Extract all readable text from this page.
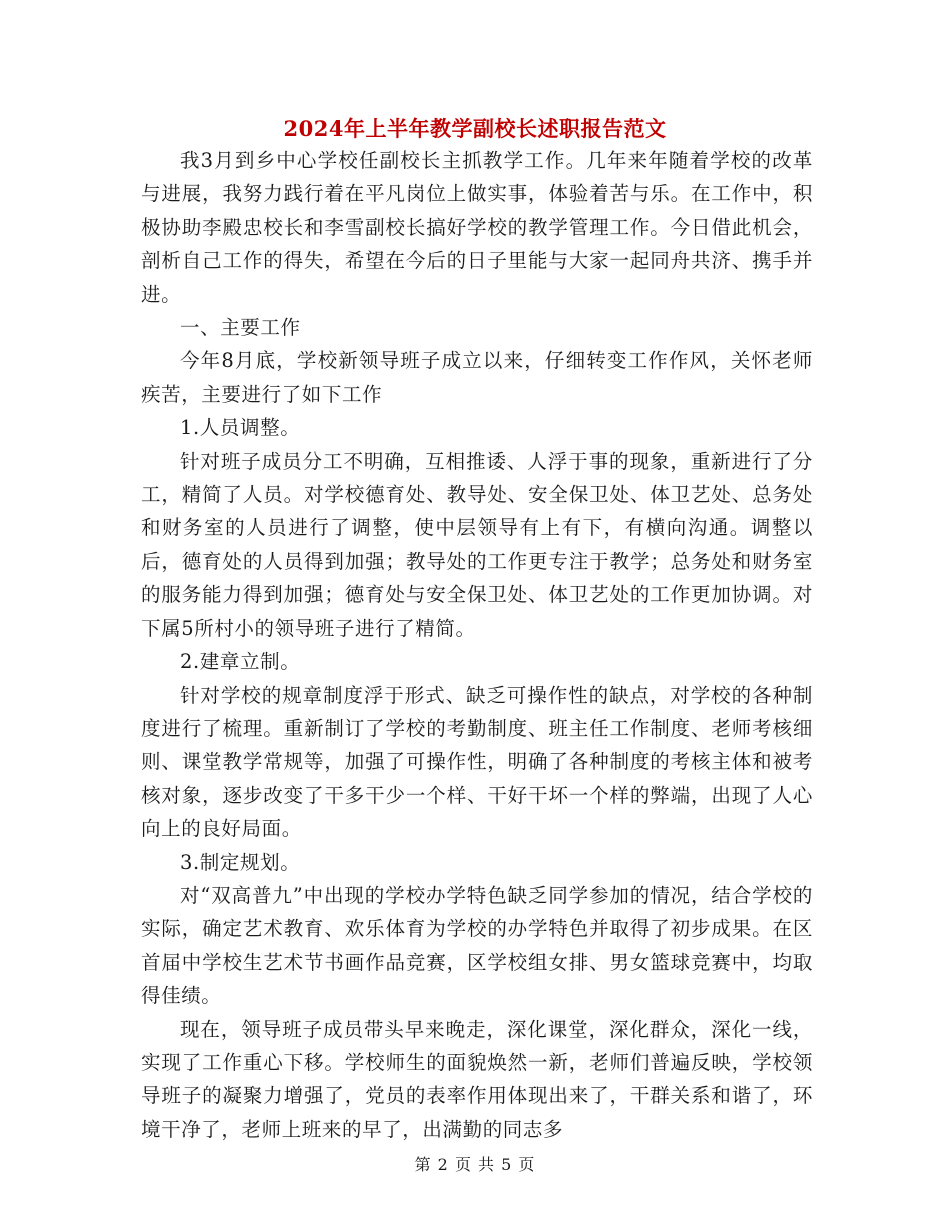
2024年上半年教学副校长述职报告范文

我3月到乡中心学校任副校长主抓教学工作。几年来年随着学校的改革与进展，我努力践行着在平凡岗位上做实事，体验着苦与乐。在工作中，积极协助李殿忠校长和李雪副校长搞好学校的教学管理工作。今日借此机会，剖析自己工作的得失，希望在今后的日子里能与大家一起同舟共济、携手并进。

一、主要工作

今年8月底，学校新领导班子成立以来，仔细转变工作作风，关怀老师疾苦，主要进行了如下工作

1.人员调整。

针对班子成员分工不明确，互相推诿、人浮于事的现象，重新进行了分工，精简了人员。对学校德育处、教导处、安全保卫处、体卫艺处、总务处和财务室的人员进行了调整，使中层领导有上有下，有横向沟通。调整以后，德育处的人员得到加强；教导处的工作更专注于教学；总务处和财务室的服务能力得到加强；德育处与安全保卫处、体卫艺处的工作更加协调。对下属5所村小的领导班子进行了精简。

2.建章立制。

针对学校的规章制度浮于形式、缺乏可操作性的缺点，对学校的各种制度进行了梳理。重新制订了学校的考勤制度、班主任工作制度、老师考核细则、课堂教学常规等，加强了可操作性，明确了各种制度的考核主体和被考核对象，逐步改变了干多干少一个样、干好干坏一个样的弊端，出现了人心向上的良好局面。

3.制定规划。

对“双高普九”中出现的学校办学特色缺乏同学参加的情况，结合学校的实际，确定艺术教育、欢乐体育为学校的办学特色并取得了初步成果。在区首届中学校生艺术节书画作品竞赛，区学校组女排、男女篮球竞赛中，均取得佳绩。

现在，领导班子成员带头早来晚走，深化课堂，深化群众，深化一线，实现了工作重心下移。学校师生的面貌焕然一新，老师们普遍反映，学校领导班子的凝聚力增强了，党员的表率作用体现出来了，干群关系和谐了，环境干净了，老师上班来的早了，出满勤的同志多

第 2 页 共 5 页
